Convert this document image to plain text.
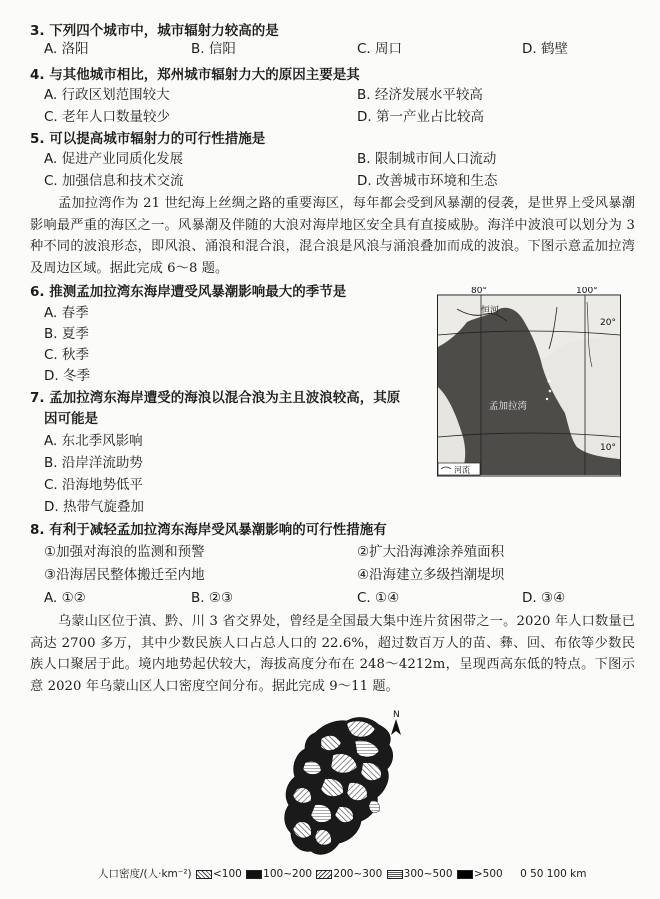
3. 下列四个城市中，城市辐射力较高的是
A. 洛阳	B. 信阳	C. 周口	D. 鹤壁
4. 与其他城市相比，郑州城市辐射力大的原因主要是其
A. 行政区划范围较大	B. 经济发展水平较高
C. 老年人口数量较少	D. 第一产业占比较高
5. 可以提高城市辐射力的可行性措施是
A. 促进产业同质化发展	B. 限制城市间人口流动
C. 加强信息和技术交流	D. 改善城市环境和生态
孟加拉湾作为 21 世纪海上丝绸之路的重要海区，每年都会受到风暴潮的侵袭，是世界上受风暴潮影响最严重的海区之一。风暴潮及伴随的大浪对海岸地区安全具有直接威胁。海洋中波浪可以划分为 3 种不同的波浪形态，即风浪、涌浪和混合浪，混合浪是风浪与涌浪叠加而成的波浪。下图示意孟加拉湾及周边区域。据此完成 6～8 题。
6. 推测孟加拉湾东海岸遭受风暴潮影响最大的季节是
A. 春季
B. 夏季
C. 秋季
D. 冬季
7. 孟加拉湾东海岸遭受的海浪以混合浪为主且波浪较高，其原
因可能是
A. 东北季风影响
B. 沿岸洋流助势
C. 沿海地势低平
D. 热带气旋叠加
80°	100°
20°
10°
恒河
孟加拉湾
河流
8. 有利于减轻孟加拉湾东海岸受风暴潮影响的可行性措施有
①加强对海浪的监测和预警	②扩大沿海滩涂养殖面积
③沿海居民整体搬迁至内地	④沿海建立多级挡潮堤坝
A. ①②	B. ②③	C. ①④	D. ③④
乌蒙山区位于滇、黔、川 3 省交界处，曾经是全国最大集中连片贫困带之一。2020 年人口数量已高达 2700 多万，其中少数民族人口占总人口的 22.6%，超过数百万人的苗、彝、回、布依等少数民族人口聚居于此。境内地势起伏较大，海拔高度分布在 248～4212m，呈现西高东低的特点。下图示意 2020 年乌蒙山区人口密度空间分布。据此完成 9～11 题。
N
人口密度/(人·km⁻²) <100 100~200 200~300 300~500 >500 0 50 100 km
